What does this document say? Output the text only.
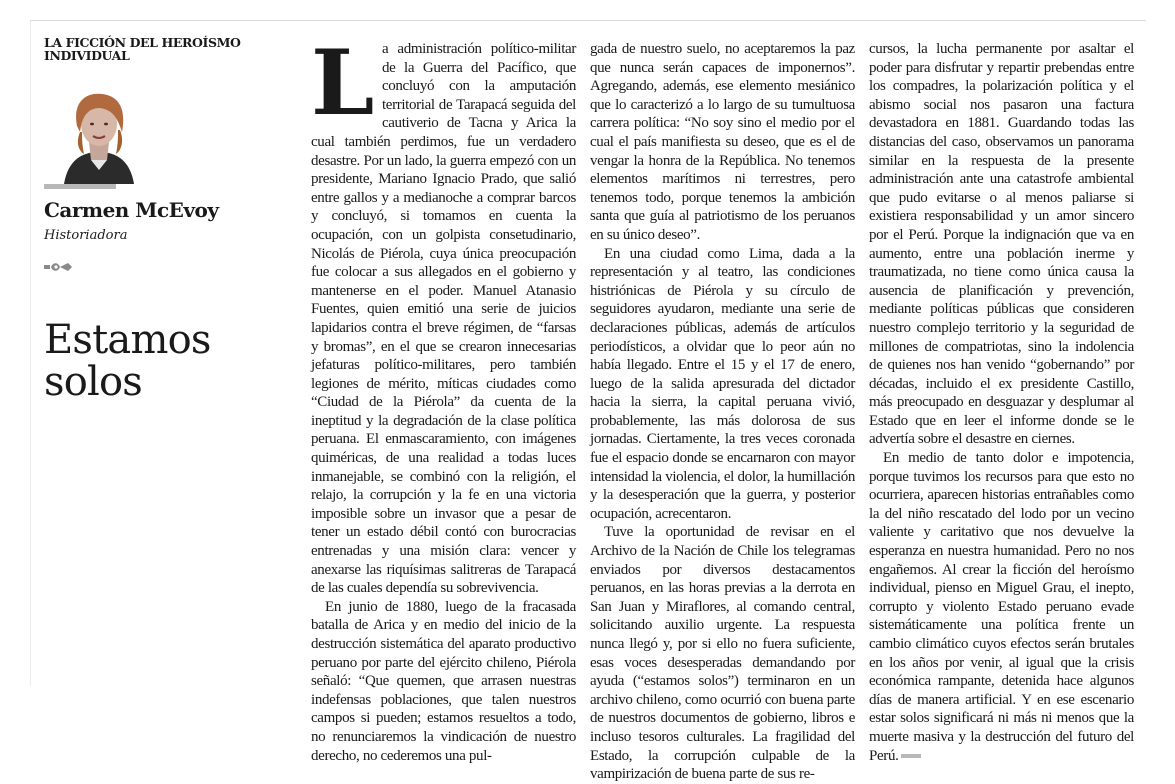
LA FICCIÓN DEL HEROÍSMO INDIVIDUAL
Carmen McEvoy
Historiadora
Estamos solos
L a administración político-militar de la Guerra del Pacífico, que concluyó con la amputación territorial de Tarapacá seguida del cautiverio de Tacna y Arica la cual también perdimos, fue un verdadero desastre. Por un lado, la guerra empezó con un presidente, Mariano Ignacio Prado, que salió entre gallos y a medianoche a comprar barcos y concluyó, si tomamos en cuenta la ocupación, con un golpista consetudinario, Nicolás de Piérola, cuya única preocupación fue colocar a sus allegados en el gobierno y mantenerse en el poder. Manuel Atanasio Fuentes, quien emitió una serie de juicios lapidarios contra el breve régimen, de “farsas y bromas”, en el que se crearon innecesarias jefaturas político-militares, pero también legiones de mérito, míticas ciudades como “Ciudad de la Piérola” da cuenta de la ineptitud y la degradación de la clase política peruana. El enmascaramiento, con imágenes quiméricas, de una realidad a todas luces inmanejable, se combinó con la religión, el relajo, la corrupción y la fe en una victoria imposible sobre un invasor que a pesar de tener un estado débil contó con burocracias entrenadas y una misión clara: vencer y anexarse las riquísimas salitreras de Tarapacá de las cuales dependía su sobrevivencia.

En junio de 1880, luego de la fracasada batalla de Arica y en medio del inicio de la destrucción sistemática del aparato productivo peruano por parte del ejército chileno, Piérola señaló: “Que quemen, que arrasen nuestras indefensas poblaciones, que talen nuestros campos si pueden; estamos resueltos a todo, no renunciaremos la vindicación de nuestro derecho, no cederemos una pul-

gada de nuestro suelo, no aceptaremos la paz que nunca serán capaces de imponernos”. Agregando, además, ese elemento mesiánico que lo caracterizó a lo largo de su tumultuosa carrera política: “No soy sino el medio por el cual el país manifiesta su deseo, que es el de vengar la honra de la República. No tenemos elementos marítimos ni terrestres, pero tenemos todo, porque tenemos la ambición santa que guía al patriotismo de los peruanos en su único deseo”.

En una ciudad como Lima, dada a la representación y al teatro, las condiciones histriónicas de Piérola y su círculo de seguidores ayudaron, mediante una serie de declaraciones públicas, además de artículos periodísticos, a olvidar que lo peor aún no había llegado. Entre el 15 y el 17 de enero, luego de la salida apresurada del dictador hacia la sierra, la capital peruana vivió, probablemente, las más dolorosa de sus jornadas. Ciertamente, la tres veces coronada fue el espacio donde se encarnaron con mayor intensidad la violencia, el dolor, la humillación y la desesperación que la guerra, y posterior ocupación, acrecentaron.

Tuve la oportunidad de revisar en el Archivo de la Nación de Chile los telegramas enviados por diversos destacamentos peruanos, en las horas previas a la derrota en San Juan y Miraflores, al comando central, solicitando auxilio urgente. La respuesta nunca llegó y, por si ello no fuera suficiente, esas voces desesperadas demandando por ayuda (“estamos solos”) terminaron en un archivo chileno, como ocurrió con buena parte de nuestros documentos de gobierno, libros e incluso tesoros culturales. La fragilidad del Estado, la corrupción culpable de la vampirización de buena parte de sus re-

cursos, la lucha permanente por asaltar el poder para disfrutar y repartir prebendas entre los compadres, la polarización política y el abismo social nos pasaron una factura devastadora en 1881. Guardando todas las distancias del caso, observamos un panorama similar en la respuesta de la presente administración ante una catastrofe ambiental que pudo evitarse o al menos paliarse si existiera responsabilidad y un amor sincero por el Perú. Porque la indignación que va en aumento, entre una población inerme y traumatizada, no tiene como única causa la ausencia de planificación y prevención, mediante políticas públicas que consideren nuestro complejo territorio y la seguridad de millones de compatriotas, sino la indolencia de quienes nos han venido “gobernando” por décadas, incluido el ex presidente Castillo, más preocupado en desguazar y desplumar al Estado que en leer el informe donde se le advertía sobre el desastre en ciernes.

En medio de tanto dolor e impotencia, porque tuvimos los recursos para que esto no ocurriera, aparecen historias entrañables como la del niño rescatado del lodo por un vecino valiente y caritativo que nos devuelve la esperanza en nuestra humanidad. Pero no nos engañemos. Al crear la ficción del heroísmo individual, pienso en Miguel Grau, el inepto, corrupto y violento Estado peruano evade sistemáticamente una política frente un cambio climático cuyos efectos serán brutales en los años por venir, al igual que la crisis económica rampante, detenida hace algunos días de manera artificial. Y en ese escenario estar solos significará ni más ni menos que la muerte masiva y la destrucción del futuro del Perú.
